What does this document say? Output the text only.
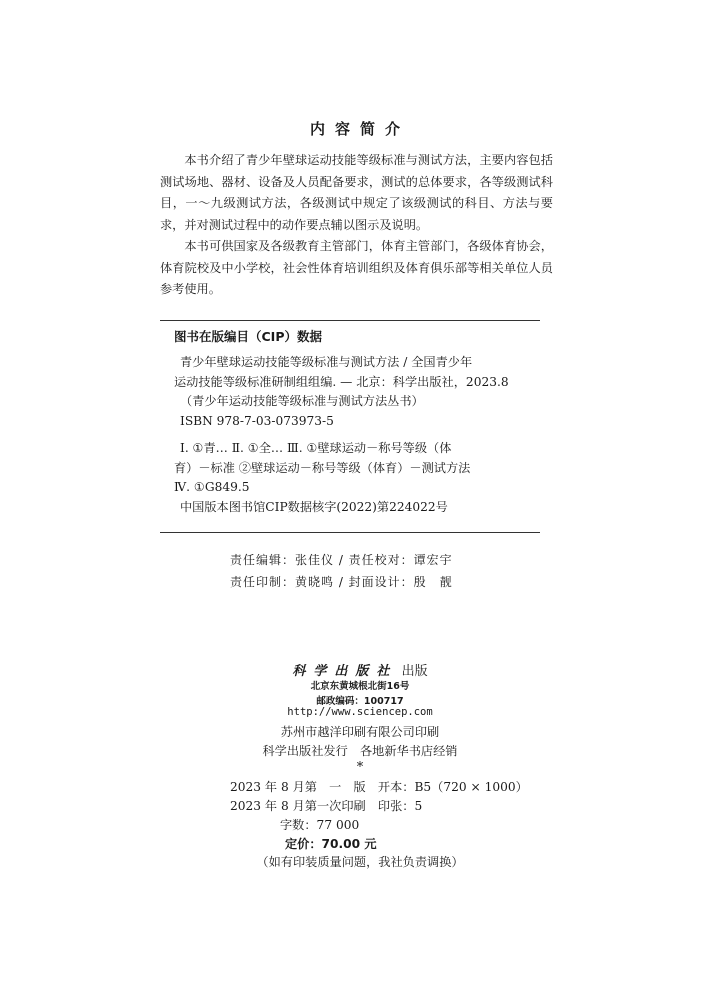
内容简介

本书介绍了青少年壁球运动技能等级标准与测试方法，主要内容包括测试场地、器材、设备及人员配备要求，测试的总体要求，各等级测试科目，一～九级测试方法，各级测试中规定了该级测试的科目、方法与要求，并对测试过程中的动作要点辅以图示及说明。

本书可供国家及各级教育主管部门，体育主管部门，各级体育协会，体育院校及中小学校，社会性体育培训组织及体育俱乐部等相关单位人员参考使用。

图书在版编目（CIP）数据
青少年壁球运动技能等级标准与测试方法 / 全国青少年
运动技能等级标准研制组组编. — 北京：科学出版社，2023.8
（青少年运动技能等级标准与测试方法丛书）
ISBN 978-7-03-073973-5
Ⅰ. ①青… Ⅱ. ①全… Ⅲ. ①壁球运动－称号等级（体
育）－标准 ②壁球运动－称号等级（体育）－测试方法
Ⅳ. ①G849.5
中国版本图书馆CIP数据核字(2022)第224022号
责任编辑：张佳仪 / 责任校对：谭宏宇
责任印制：黄晓鸣 / 封面设计：殷　靓
科学出版社 出版
北京东黄城根北街16号
邮政编码：100717
http://www.sciencep.com
苏州市越洋印刷有限公司印刷
科学出版社发行　各地新华书店经销
*
2023 年 8 月第　一　版　开本：B5（720 × 1000）
2023 年 8 月第一次印刷　印张：5
字数：77 000
定价：70.00 元
（如有印装质量问题，我社负责调换）
